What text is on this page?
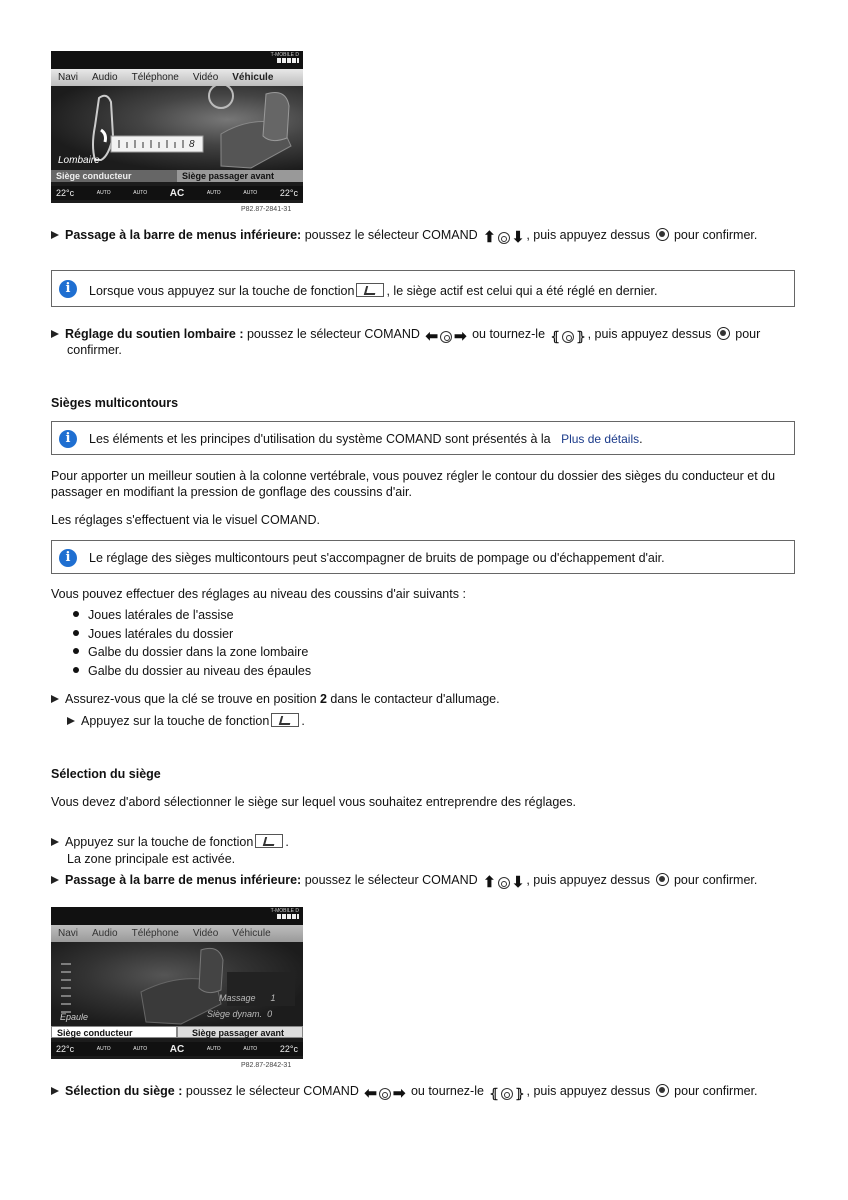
T-MOBILE D

Navi Audio Téléphone Vidéo Véhicule
8
Lombaire
Siège conducteur	Siège passager avant
22°c	AUTO	AUTO AC	AUTO	AUTO	22°c
P82.87-2841-31

Passage à la barre de menus inférieure: poussez le sélecteur COMAND ⬆ ⬇ , puis appuyez dessus  pour confirmer.

i	Lorsque vous appuyez sur la touche de fonction	, le siège actif est celui qui a été réglé en dernier.

Réglage du soutien lombaire : poussez le sélecteur COMAND ⬅ ➡ ou tournez-le ⦃ ⦄ , puis appuyez dessus  pour

confirmer.

Sièges multicontours

i	Les éléments et les principes d'utilisation du système COMAND sont présentés à la Plus de détails.

Pour apporter un meilleur soutien à la colonne vertébrale, vous pouvez régler le contour du dossier des sièges du conducteur et du

passager en modifiant la pression de gonflage des coussins d'air.

Les réglages s'effectuent via le visuel COMAND.

i	Le réglage des sièges multicontours peut s'accompagner de bruits de pompage ou d'échappement d'air.

Vous pouvez effectuer des réglages au niveau des coussins d'air suivants :

Joues latérales de l'assise

Joues latérales du dossier

Galbe du dossier dans la zone lombaire

Galbe du dossier au niveau des épaules

Assurez-vous que la clé se trouve en position 2 dans le contacteur d'allumage.

Appuyez sur la touche de fonction	.

Sélection du siège

Vous devez d'abord sélectionner le siège sur lequel vous souhaitez entreprendre des réglages.

Appuyez sur la touche de fonction	.

La zone principale est activée.

Passage à la barre de menus inférieure: poussez le sélecteur COMAND ⬆ ⬇ , puis appuyez dessus  pour confirmer.

T-MOBILE D

Navi Audio Téléphone Vidéo Véhicule
Massage 1
Siège dynam. 0
Epaule
Siège conducteur	Siège passager avant
22°c	AUTO	AUTO AC	AUTO	AUTO	22°c
P82.87-2842-31

Sélection du siège : poussez le sélecteur COMAND ⬅ ➡ ou tournez-le ⦃ ⦄ , puis appuyez dessus  pour confirmer.
